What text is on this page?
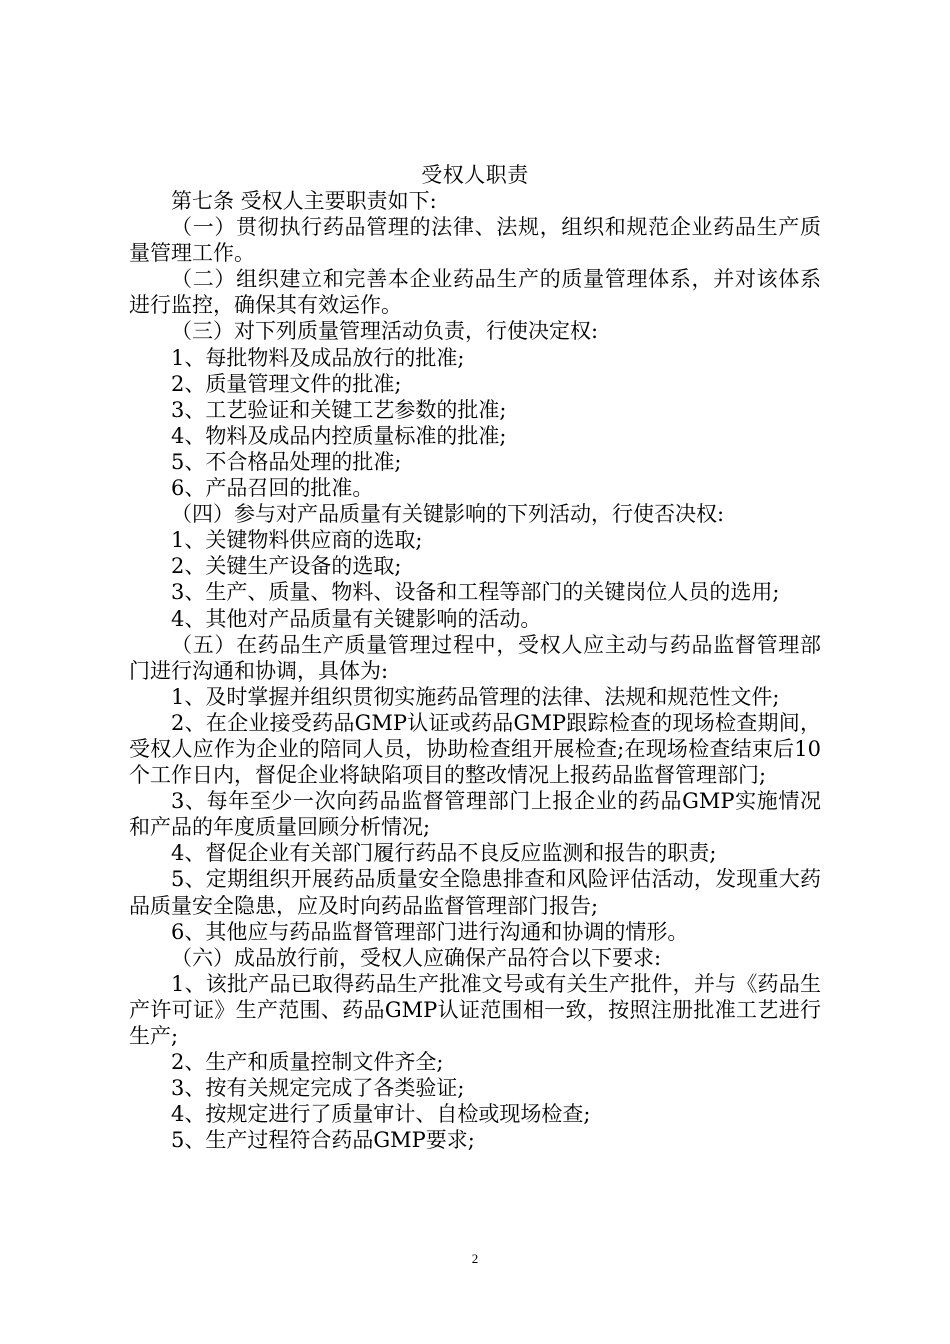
受权人职责

第七条 受权人主要职责如下:

（一）贯彻执行药品管理的法律、法规，组织和规范企业药品生产质量管理工作。

（二）组织建立和完善本企业药品生产的质量管理体系，并对该体系进行监控，确保其有效运作。

（三）对下列质量管理活动负责，行使决定权:

1、每批物料及成品放行的批准;

2、质量管理文件的批准;

3、工艺验证和关键工艺参数的批准;

4、物料及成品内控质量标准的批准;

5、不合格品处理的批准;

6、产品召回的批准。

（四）参与对产品质量有关键影响的下列活动，行使否决权:

1、关键物料供应商的选取;

2、关键生产设备的选取;

3、生产、质量、物料、设备和工程等部门的关键岗位人员的选用;

4、其他对产品质量有关键影响的活动。

（五）在药品生产质量管理过程中，受权人应主动与药品监督管理部门进行沟通和协调，具体为:

1、及时掌握并组织贯彻实施药品管理的法律、法规和规范性文件;

2、在企业接受药品GMP认证或药品GMP跟踪检查的现场检查期间，受权人应作为企业的陪同人员，协助检查组开展检查;在现场检查结束后10个工作日内，督促企业将缺陷项目的整改情况上报药品监督管理部门;

3、每年至少一次向药品监督管理部门上报企业的药品GMP实施情况和产品的年度质量回顾分析情况;

4、督促企业有关部门履行药品不良反应监测和报告的职责;

5、定期组织开展药品质量安全隐患排查和风险评估活动，发现重大药品质量安全隐患，应及时向药品监督管理部门报告;

6、其他应与药品监督管理部门进行沟通和协调的情形。

（六）成品放行前，受权人应确保产品符合以下要求:

1、该批产品已取得药品生产批准文号或有关生产批件，并与《药品生产许可证》生产范围、药品GMP认证范围相一致，按照注册批准工艺进行生产;

2、生产和质量控制文件齐全;

3、按有关规定完成了各类验证;

4、按规定进行了质量审计、自检或现场检查;

5、生产过程符合药品GMP要求;

2
